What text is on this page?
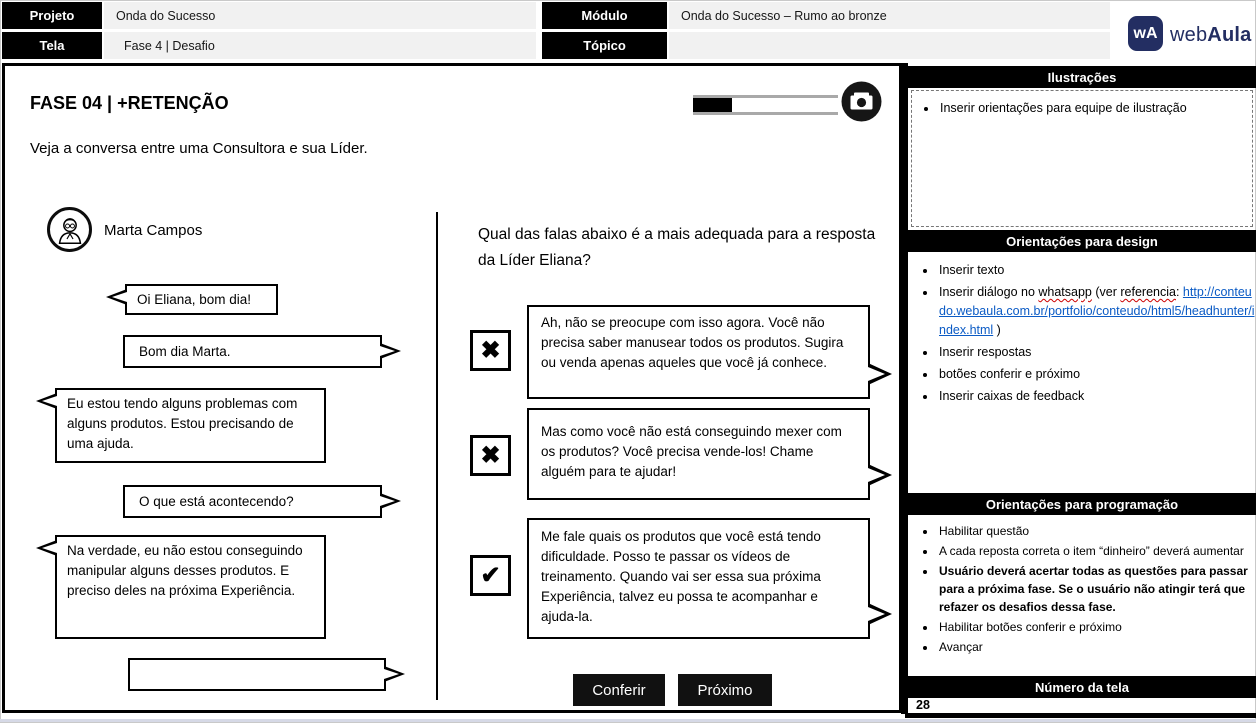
Projeto	Onda do Sucesso	Módulo	Onda do Sucesso – Rumo ao bronze
Tela	Fase 4 | Desafio	Tópico
wA webAula
FASE 04 | +RETENÇÃO
Veja a conversa entre uma Consultora e sua Líder.
Marta Campos
Oi Eliana, bom dia!
Bom dia Marta.
Eu estou tendo alguns problemas com alguns produtos. Estou precisando de uma ajuda.
O que está acontecendo?
Na verdade, eu não estou conseguindo manipular alguns desses produtos. E preciso deles na próxima Experiência.
Qual das falas abaixo é a mais adequada para a resposta da Líder Eliana?
✖
Ah, não se preocupe com isso agora. Você não precisa saber manusear todos os produtos. Sugira ou venda apenas aqueles que você já conhece.
✖
Mas como você não está conseguindo mexer com os produtos? Você precisa vende-los! Chame alguém para te ajudar!
✔
Me fale quais os produtos que você está tendo dificuldade. Posso te passar os vídeos de treinamento. Quando vai ser essa sua próxima Experiência, talvez eu possa te acompanhar e ajuda-la.
Conferir	Próximo
Ilustrações
• Inserir orientações para equipe de ilustração
Orientações para design
• Inserir texto
• Inserir diálogo no whatsapp (ver referencia: http://conteudo.webaula.com.br/portfolio/conteudo/html5/headhunter/index.html )
• Inserir respostas
• botões conferir e próximo
• Inserir caixas de feedback
Orientações para programação
• Habilitar questão
• A cada reposta correta o item “dinheiro” deverá aumentar
• Usuário deverá acertar todas as questões para passar para a próxima fase. Se o usuário não atingir terá que refazer os desafios dessa fase.
• Habilitar botões conferir e próximo
• Avançar
Número da tela
28
